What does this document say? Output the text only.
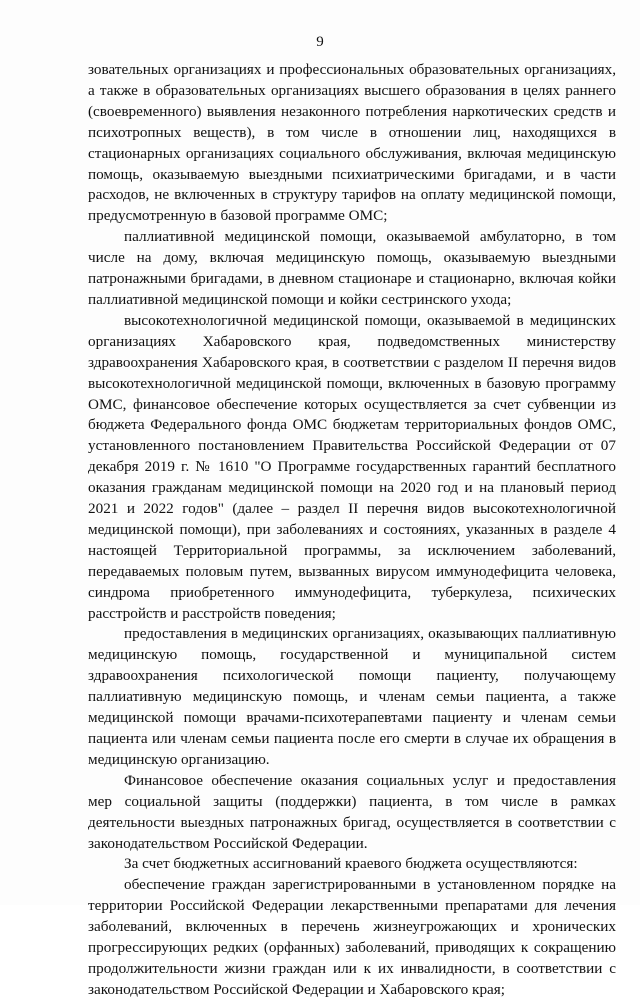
9

зовательных организациях и профессиональных образовательных организациях, а также в образовательных организациях высшего образования в целях раннего (своевременного) выявления незаконного потребления наркотических средств и психотропных веществ), в том числе в отношении лиц, находящихся в стационарных организациях социального обслуживания, включая медицинскую помощь, оказываемую выездными психиатрическими бригадами, и в части расходов, не включенных в структуру тарифов на оплату медицинской помощи, предусмотренную в базовой программе ОМС;

паллиативной медицинской помощи, оказываемой амбулаторно, в том числе на дому, включая медицинскую помощь, оказываемую выездными патронажными бригадами, в дневном стационаре и стационарно, включая койки паллиативной медицинской помощи и койки сестринского ухода;

высокотехнологичной медицинской помощи, оказываемой в медицинских организациях Хабаровского края, подведомственных министерству здравоохранения Хабаровского края, в соответствии с разделом II перечня видов высокотехнологичной медицинской помощи, включенных в базовую программу ОМС, финансовое обеспечение которых осуществляется за счет субвенции из бюджета Федерального фонда ОМС бюджетам территориальных фондов ОМС, установленного постановлением Правительства Российской Федерации от 07 декабря 2019 г. № 1610 "О Программе государственных гарантий бесплатного оказания гражданам медицинской помощи на 2020 год и на плановый период 2021 и 2022 годов" (далее – раздел II перечня видов высокотехнологичной медицинской помощи), при заболеваниях и состояниях, указанных в разделе 4 настоящей Территориальной программы, за исключением заболеваний, передаваемых половым путем, вызванных вирусом иммунодефицита человека, синдрома приобретенного иммунодефицита, туберкулеза, психических расстройств и расстройств поведения;

предоставления в медицинских организациях, оказывающих паллиативную медицинскую помощь, государственной и муниципальной систем здравоохранения психологической помощи пациенту, получающему паллиативную медицинскую помощь, и членам семьи пациента, а также медицинской помощи врачами-психотерапевтами пациенту и членам семьи пациента или членам семьи пациента после его смерти в случае их обращения в медицинскую организацию.

Финансовое обеспечение оказания социальных услуг и предоставления мер социальной защиты (поддержки) пациента, в том числе в рамках деятельности выездных патронажных бригад, осуществляется в соответствии с законодательством Российской Федерации.

За счет бюджетных ассигнований краевого бюджета осуществляются:

обеспечение граждан зарегистрированными в установленном порядке на территории Российской Федерации лекарственными препаратами для лечения заболеваний, включенных в перечень жизнеугрожающих и хронических прогрессирующих редких (орфанных) заболеваний, приводящих к сокращению продолжительности жизни граждан или к их инвалидности, в соответствии с законодательством Российской Федерации и Хабаровского края;
